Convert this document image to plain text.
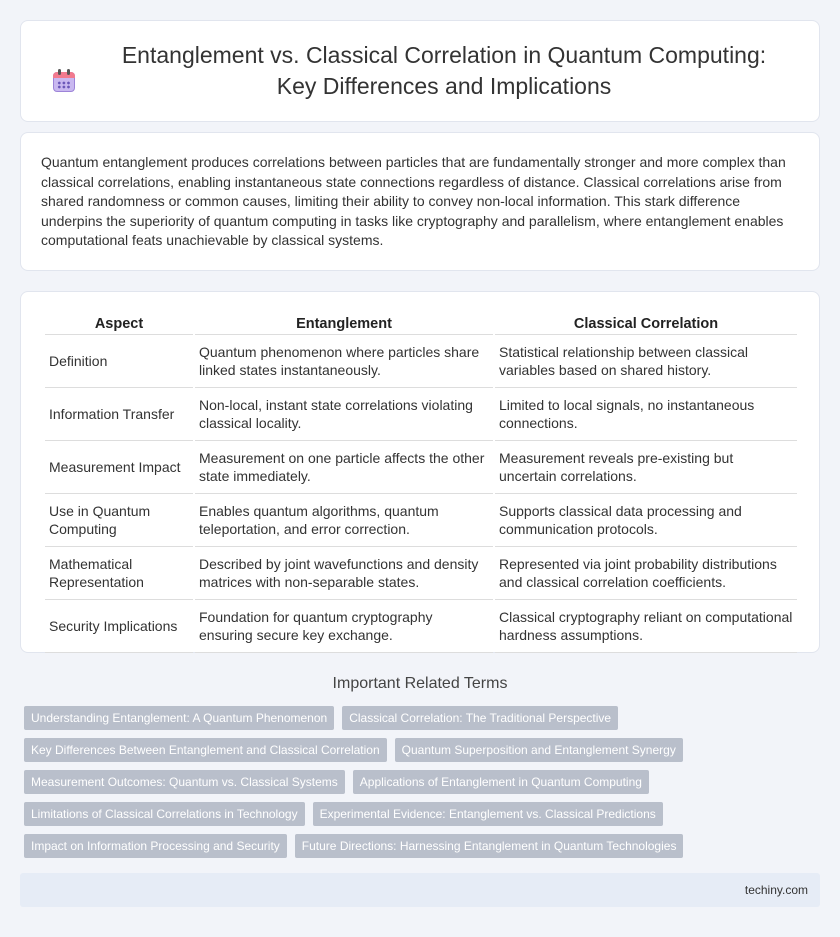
Entanglement vs. Classical Correlation in Quantum Computing: Key Differences and Implications

Quantum entanglement produces correlations between particles that are fundamentally stronger and more complex than classical correlations, enabling instantaneous state connections regardless of distance. Classical correlations arise from shared randomness or common causes, limiting their ability to convey non-local information. This stark difference underpins the superiority of quantum computing in tasks like cryptography and parallelism, where entanglement enables computational feats unachievable by classical systems.

Aspect	Entanglement	Classical Correlation
Definition	Quantum phenomenon where particles share linked states instantaneously.	Statistical relationship between classical variables based on shared history.
Information Transfer	Non-local, instant state correlations violating classical locality.	Limited to local signals, no instantaneous connections.
Measurement Impact	Measurement on one particle affects the other state immediately.	Measurement reveals pre-existing but uncertain correlations.
Use in Quantum Computing	Enables quantum algorithms, quantum teleportation, and error correction.	Supports classical data processing and communication protocols.
Mathematical Representation	Described by joint wavefunctions and density matrices with non-separable states.	Represented via joint probability distributions and classical correlation coefficients.
Security Implications	Foundation for quantum cryptography ensuring secure key exchange.	Classical cryptography reliant on computational hardness assumptions.
Important Related Terms
Understanding Entanglement: A Quantum Phenomenon	Classical Correlation: The Traditional Perspective
Key Differences Between Entanglement and Classical Correlation	Quantum Superposition and Entanglement Synergy
Measurement Outcomes: Quantum vs. Classical Systems	Applications of Entanglement in Quantum Computing
Limitations of Classical Correlations in Technology	Experimental Evidence: Entanglement vs. Classical Predictions
Impact on Information Processing and Security	Future Directions: Harnessing Entanglement in Quantum Technologies
techiny.com
